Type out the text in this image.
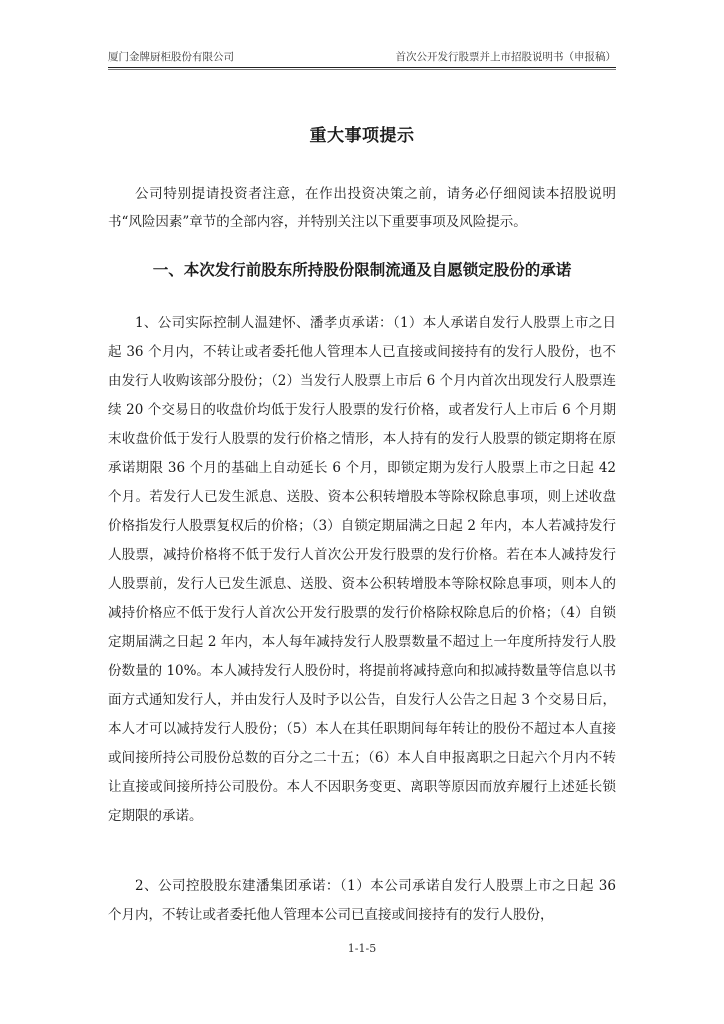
厦门金牌厨柜股份有限公司	首次公开发行股票并上市招股说明书（申报稿）
重大事项提示

公司特别提请投资者注意，在作出投资决策之前，请务必仔细阅读本招股说明书“风险因素”章节的全部内容，并特别关注以下重要事项及风险提示。

一、本次发行前股东所持股份限制流通及自愿锁定股份的承诺

1、公司实际控制人温建怀、潘孝贞承诺：（1）本人承诺自发行人股票上市之日起 36 个月内，不转让或者委托他人管理本人已直接或间接持有的发行人股份，也不由发行人收购该部分股份；（2）当发行人股票上市后 6 个月内首次出现发行人股票连续 20 个交易日的收盘价均低于发行人股票的发行价格，或者发行人上市后 6 个月期末收盘价低于发行人股票的发行价格之情形，本人持有的发行人股票的锁定期将在原承诺期限 36 个月的基础上自动延长 6 个月，即锁定期为发行人股票上市之日起 42 个月。若发行人已发生派息、送股、资本公积转增股本等除权除息事项，则上述收盘价格指发行人股票复权后的价格；（3）自锁定期届满之日起 2 年内，本人若减持发行人股票，减持价格将不低于发行人首次公开发行股票的发行价格。若在本人减持发行人股票前，发行人已发生派息、送股、资本公积转增股本等除权除息事项，则本人的减持价格应不低于发行人首次公开发行股票的发行价格除权除息后的价格；（4）自锁定期届满之日起 2 年内，本人每年减持发行人股票数量不超过上一年度所持发行人股份数量的 10%。本人减持发行人股份时，将提前将减持意向和拟减持数量等信息以书面方式通知发行人，并由发行人及时予以公告，自发行人公告之日起 3 个交易日后，本人才可以减持发行人股份；（5）本人在其任职期间每年转让的股份不超过本人直接或间接所持公司股份总数的百分之二十五；（6）本人自申报离职之日起六个月内不转让直接或间接所持公司股份。本人不因职务变更、离职等原因而放弃履行上述延长锁定期限的承诺。

2、公司控股股东建潘集团承诺：（1）本公司承诺自发行人股票上市之日起 36 个月内，不转让或者委托他人管理本公司已直接或间接持有的发行人股份，

1-1-5
